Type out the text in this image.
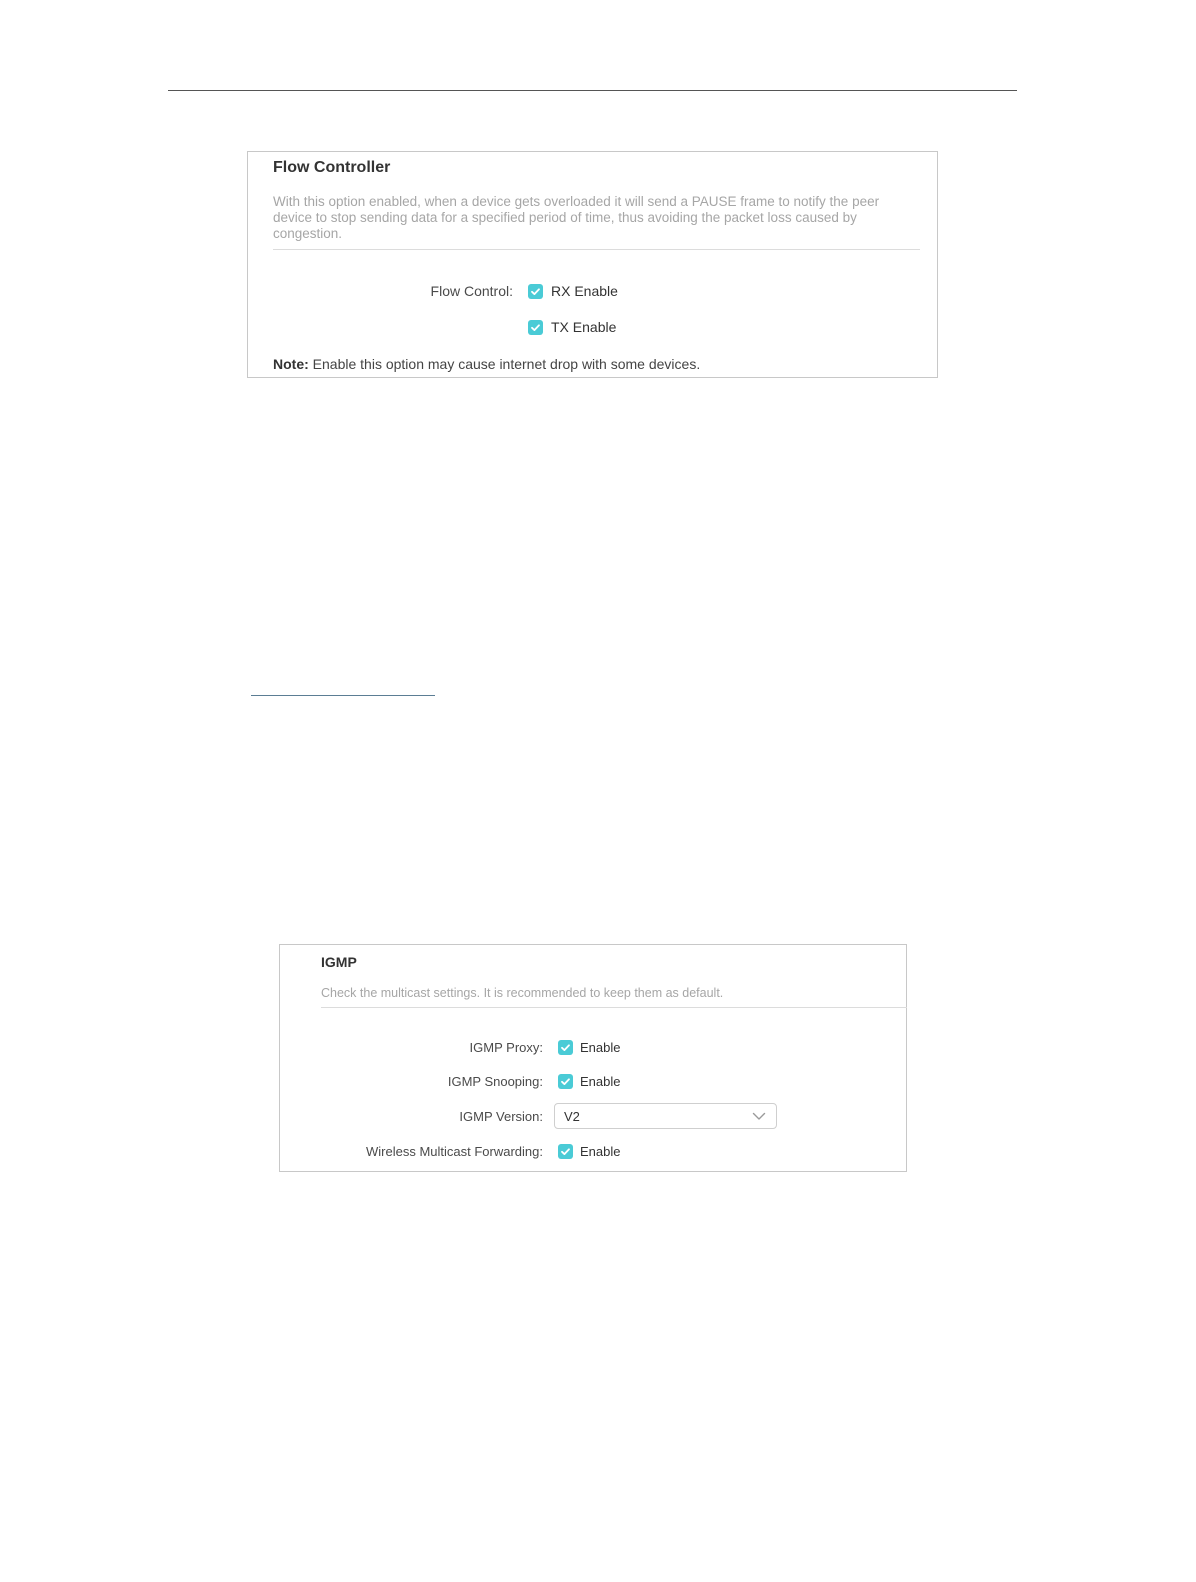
Flow Controller
With this option enabled, when a device gets overloaded it will send a PAUSE frame to notify the peer device to stop sending data for a specified period of time, thus avoiding the packet loss caused by congestion.
Flow Control:	RX Enable
TX Enable
Note: Enable this option may cause internet drop with some devices.
IGMP
Check the multicast settings. It is recommended to keep them as default.
IGMP Proxy:	Enable
IGMP Snooping:	Enable
IGMP Version: V2
Wireless Multicast Forwarding:	Enable
